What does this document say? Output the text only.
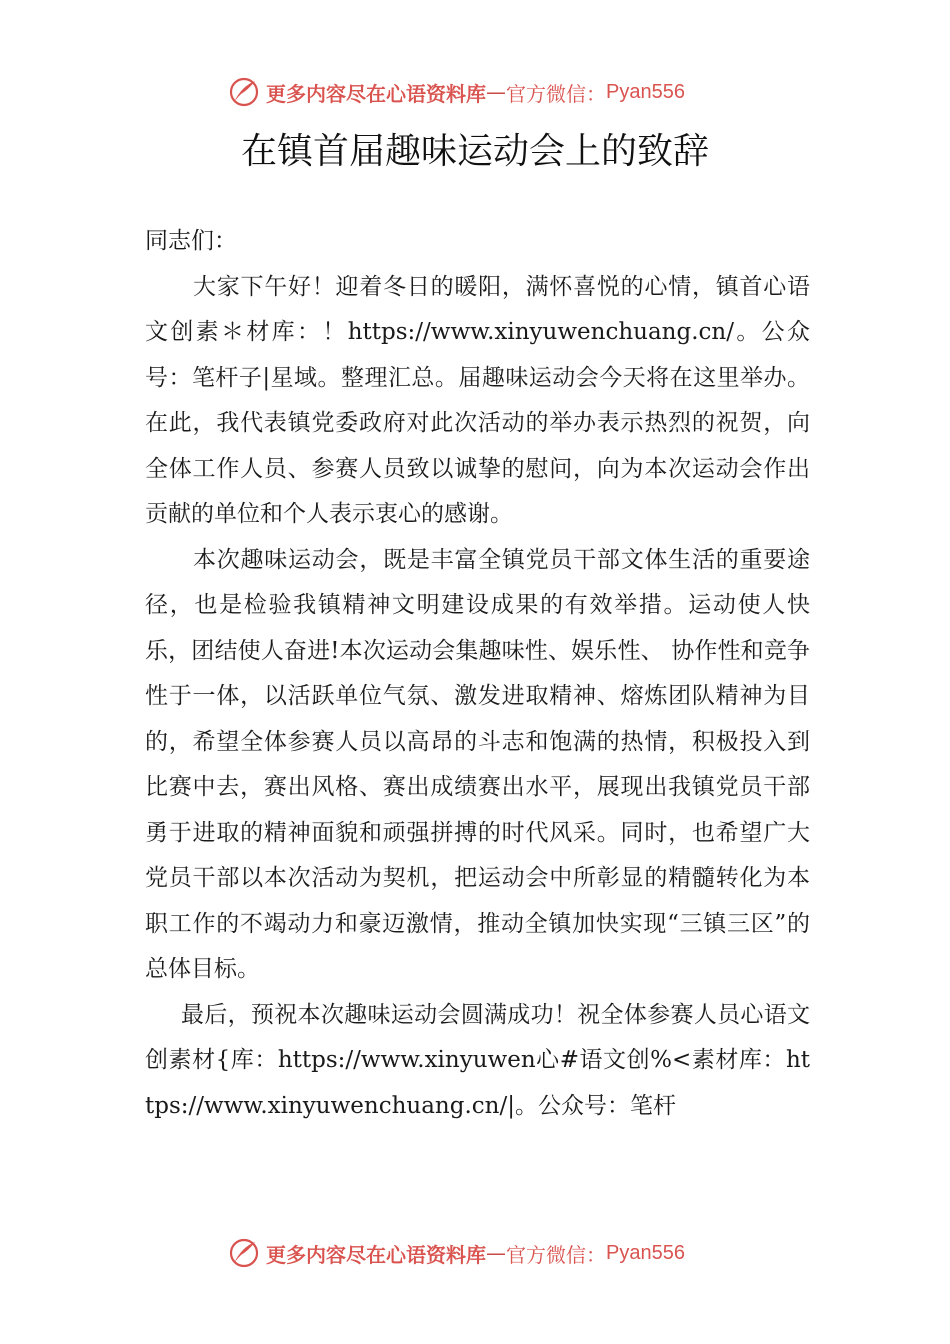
更多内容尽在心语资料库 — 官方微信： Pyan556
在镇首届趣味运动会上的致辞

同志们：

大家下午好！迎着冬日的暖阳，满怀喜悦的心情，镇首心语文创素＊材库：！https://www.xinyuwenchuang.cn/。公众号：笔杆子|星域。整理汇总。届趣味运动会今天将在这里举办。在此，我代表镇党委政府对此次活动的举办表示热烈的祝贺，向全体工作人员、参赛人员致以诚挚的慰问，向为本次运动会作出贡献的单位和个人表示衷心的感谢。

本次趣味运动会，既是丰富全镇党员干部文体生活的重要途径，也是检验我镇精神文明建设成果的有效举措。运动使人快乐，团结使人奋进!本次运动会集趣味性、娱乐性、 协作性和竞争性于一体，以活跃单位气氛、激发进取精神、熔炼团队精神为目的，希望全体参赛人员以高昂的斗志和饱满的热情，积极投入到比赛中去，赛出风格、赛出成绩赛出水平，展现出我镇党员干部勇于进取的精神面貌和顽强拼搏的时代风采。同时，也希望广大党员干部以本次活动为契机，把运动会中所彰显的精髓转化为本职工作的不竭动力和豪迈激情，推动全镇加快实现“三镇三区”的总体目标。

最后，预祝本次趣味运动会圆满成功！祝全体参赛人员心语文创素材{库：https://www.xinyuwen心#语文创%<素材库：https://www.xinyuwenchuang.cn/|。公众号：笔杆

更多内容尽在心语资料库 — 官方微信： Pyan556
